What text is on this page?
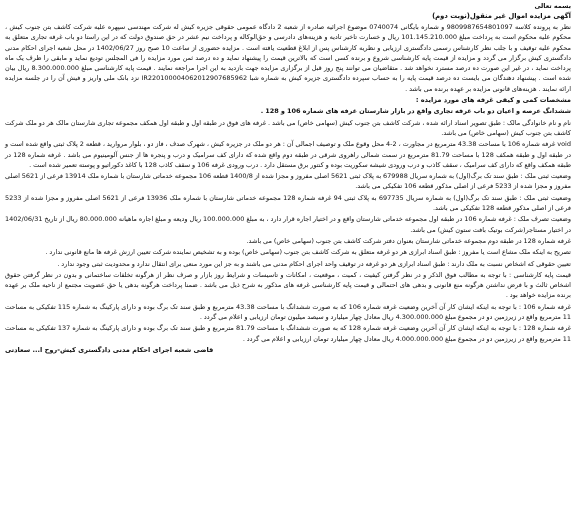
بسمه تعالی

آگهی مزایده اموال غیر منقول(نوبت دوم)

نظر به پرونده کلاسه 9809987654801097 و شماره بایگانی 0740074 موضوع اجرائیه صادره از شعبه 2 دادگاه عمومی حقوقی جزیره کیش له شرکت مهندسی سپهره علیه شرکت کاشف بتن جنوب کیش ، محکوم علیه محکوم است به پرداخت مبلغ 101.145.210.000 ریال و خسارت تاخیر تادیه و هزینه‌های دادرسی و حق‌الوکاله و پرداخت نیم عشر در حق صندوق دولت که در این راستا دو باب غرفه تجاری متعلق به محکوم علیه توقیف و با جلب نظر کارشناس رسمی دادگستری ارزیابی و نظریه کارشناس پس از ابلاغ قطعیت یافته است . مزایده حضوری از ساعت 10 صبح روز 1402/06/27 در محل شعبه اجرای احکام مدنی دادگستری کیش برگزار می گردد و مزایده از قیمت پایه کارشناسی شروع و برنده کسی است که بالاترین قیمت را پیشنهاد نماید و ده درصد ثمن مورد مزایده را فی المجلس تودیع نماید و مابقی را ظرف یک ماه پرداخت نماید ، در غیر این صورت ده درصد مسترد نخواهد شد . متقاضیان می توانند پنج روز قبل از برگزاری مزایده جهت بازدید به این اجرا مراجعه نمایند . قیمت پایه کارشناسی مبلغ 8.300.000.000 ریال بیان شده است . پیشنهاد دهندگان می بایست ده درصد قیمت پایه را به حساب سپرده دادگستری جزیره کیش به شماره شبا IR220100004062012907685962 نزد بانک ملی واریز و فیش آن را در جلسه مزایده ارائه نمایند . هزینه‌های قانونی مزایده بر عهده برنده می باشد .

مشخصات کمی و کیفی غرفه های مورد مزایده :

ششدانگ عرصه و اعیان دو باب غرفه تجاری واقع در بازار شارستان غرفه های شماره 106 و 128 .

نام و نام خانوادگی مالک : طبق تصویر اسناد ارائه شده ، شرکت کاشف بتن جنوب کیش (سهامی خاص) می باشد . غرفه های فوق در طبقه اول و طبقه اول همکف مجموعه تجاری شارستان مالک هر دو ملک شرکت کاشف بتن جنوب کیش (سهامی خاص) می باشد.

void غرفه شماره 106 با مساحت 43.38 مترمربع در مجاورت ، 2-4 محل وقوع ملک و توصیف اجمالی آن : هر دو ملک در جزیره کیش ، شهرک صدف ، فاز دو ، بلوار مروارید ، قطعه 2 پلاک ثبتی واقع شده است و در طبقه اول و طبقه همکف 128 با مساحت 81.79 مترمربع در سمت شمالی راهروی شرقی در طبقه دوم واقع شده که دارای کف سرامیک و درب و پنجره ها از جنس آلومینیوم می باشد . غرفه شماره 128 در طبقه همکف واقع که دارای کف سرامیک ، سقف کاذب و درب ورودی شیشه سکوریت بوده و کنتور برق مستقل دارد . درب ورودی غرفه 106 و سقف کاذب 128 با کاغذ دکوراتیو و پوسته تعمیر شده است .

وضعیت ثبتی ملک : طبق سند تک برگ(اول) به شماره سریال 679988 به پلاک ثبتی 5621 اصلی مفروز و مجزا شده از 1400/8 قطعه 106 مجموعه خدماتی شارستان با شماره ملک 13914 فرعی از 5621 اصلی مفروز و مجزا شده از 5233 فرعی از اصلی مذکور قطعه 106 تفکیکی می باشد.

وضعیت ثبتی ملک : طبق سند تک برگ(اول) به شماره سریال 697735 به پلاک ثبتی 94 غرفه شماره 128 مجموعه خدماتی شارستان با شماره ملک 13936 فرعی از 5621 اصلی مفروز و مجزا شده از 5233 فرعی از اصلی مذکور قطعه 128 تفکیکی می باشد.

وضعیت تصرف ملک : غرفه شماره 106 در طبقه اول مجموعه خدماتی شارستان واقع و در اختیار اجاره قرار دارد ، به مبلغ 100.000.000 ریال ودیعه و مبلغ اجاره ماهیانه 80.000.000 ریال از تاریخ 1402/06/31 در اختیار مستاجر(شرکت بوتیک بافت ستون کیش) می باشد.

غرفه شماره 128 در طبقه دوم مجموعه خدماتی شارستان بعنوان دفتر شرکت کاشف بتن جنوب (سهامی خاص) می باشد.

تصریح به اینکه ملک مشاع است یا مفروز : طبق اسناد ابرازی هر دو غرفه متعلق به شرکت کاشف بتن جنوب (سهامی خاص) بوده و به تشخیص نماینده شرکت تعیین ارزش غرفه ها مانع قانونی ندارد .

تعیین حقوقی که اشخاص نسبت به ملک دارند : طبق اسناد ابرازی هر دو غرفه در توقیف واحد اجرای احکام مدنی می باشند و به جز این مورد منعی برای انتقال ندارد و محدودیت ثبتی وجود ندارد .

قیمت پایه کارشناسی : با توجه به مطالب فوق الذکر و در نظر گرفتن کیفیت ، کمیت ، موقعیت ، امکانات و تاسیسات و شرایط روز بازار و صرف نظر از هرگونه تخلفات ساختمانی و بدون در نظر گرفتن حقوق اشخاص ثالث و با فرض نداشتن هرگونه منع قانونی و بدهی های احتمالی و قیمت پایه کارشناسی غرفه های مذکور به شرح ذیل می باشد . ضمنا پرداخت هرگونه بدهی یا حق عضویت مجتمع از ناحیه ملک بر عهده برنده مزایده خواهد بود .

غرفه شماره 106 : با توجه به اینکه ایشان کار آن آخرین وضعیت غرفه شماره 106 که به صورت ششدانگ با مساحت 43.38 مترمربع و طبق سند تک برگ بوده و دارای پارکینگ به شماره 115 تفکیکی به مساحت 11 مترمربع واقع در زیرزمین دو در مجموع مبلغ 4.300.000.000 ریال معادل چهار میلیارد و سیصد میلیون تومان ارزیابی و اعلام می گردد .

غرفه شماره 128 : با توجه به اینکه ایشان کار آن آخرین وضعیت غرفه شماره 128 که به صورت ششدانگ با مساحت 81.79 مترمربع و طبق سند تک برگ بوده و دارای پارکینگ به شماره 137 تفکیکی به مساحت 11 مترمربع واقع در زیرزمین دو در مجموع مبلغ 4.000.000.000 ریال معادل چهار میلیارد تومان ارزیابی و اعلام می گردد .

قاضی شعبه اجرای احکام مدنی دادگستری کیش-روح ا... سعادتی
